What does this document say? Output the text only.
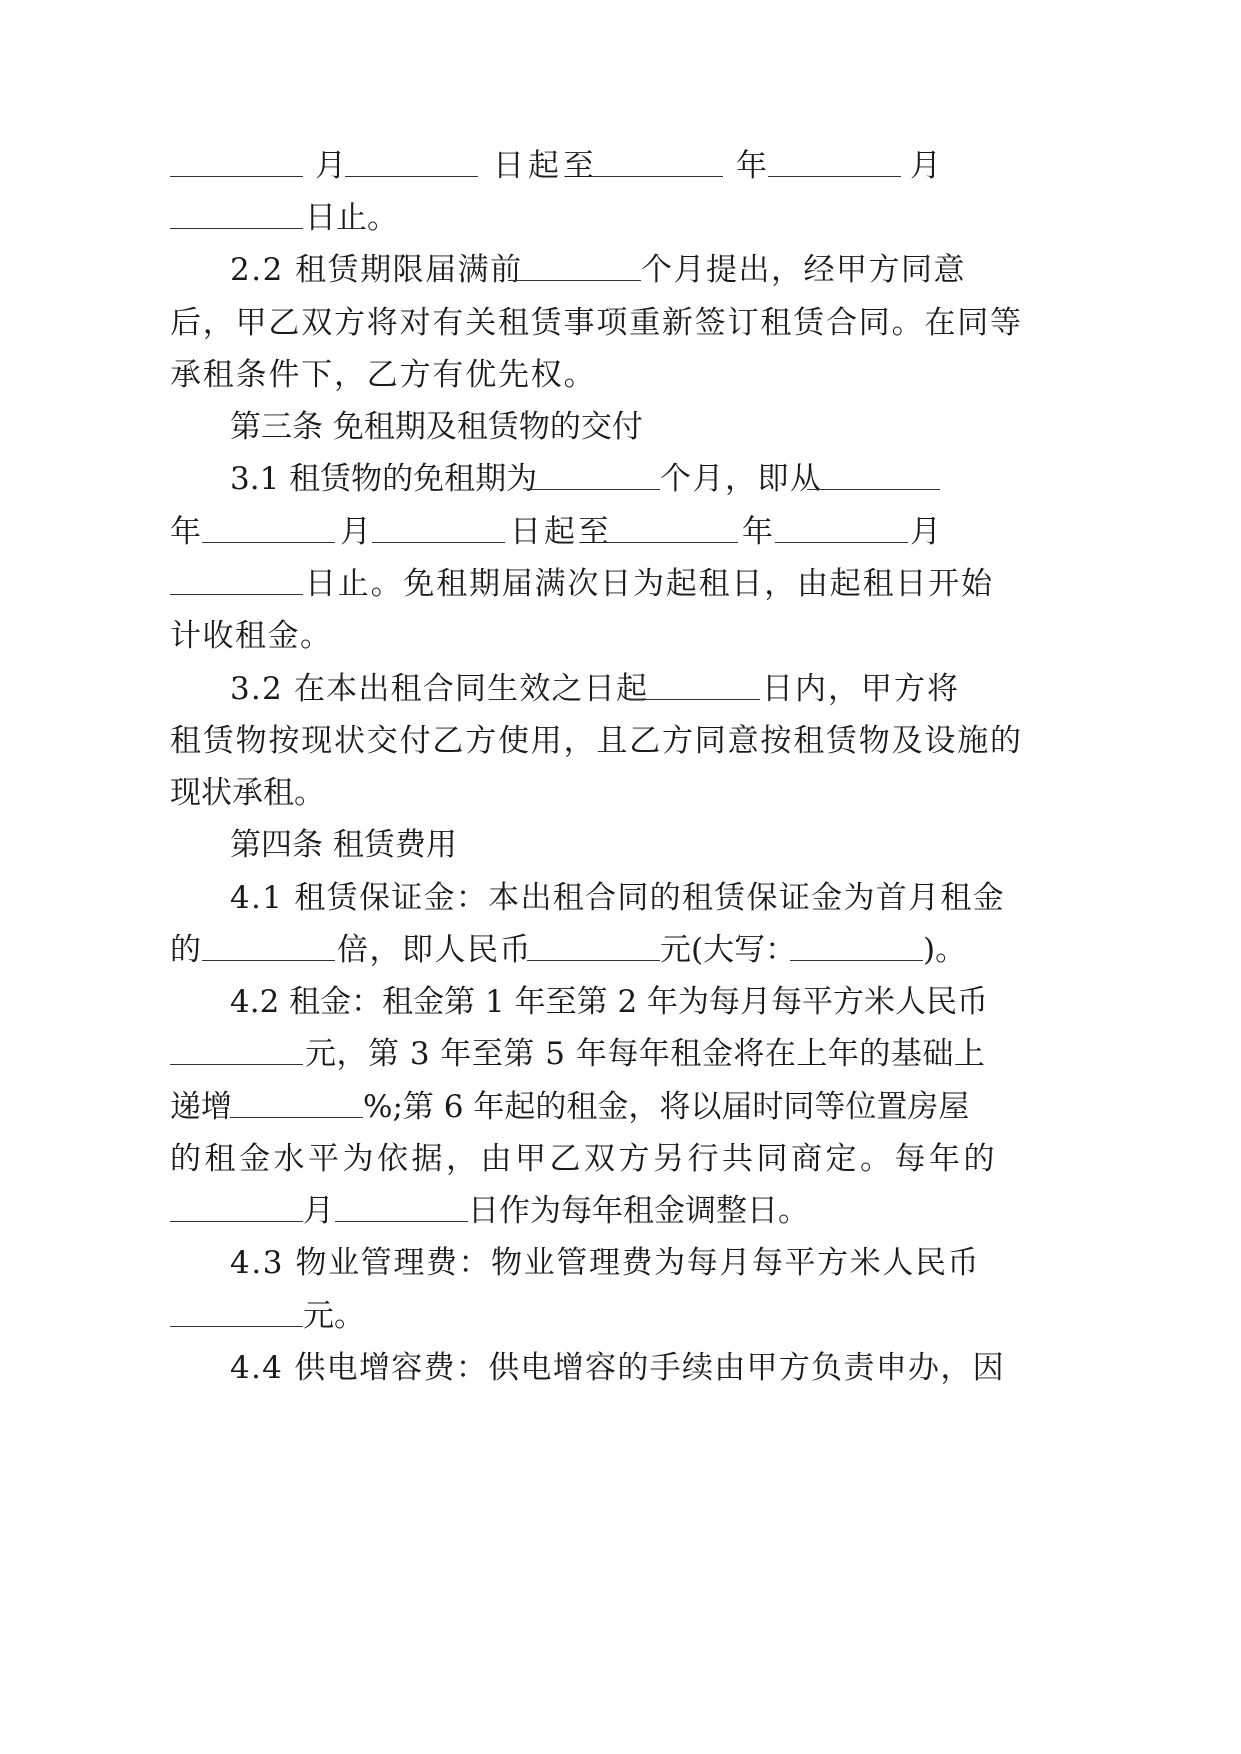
月	日起至	年	月
日止。
2.2 租赁期限届满前	个月提出，经甲方同意
后，甲乙双方将对有关租赁事项重新签订租赁合同。在同等
承租条件下，乙方有优先权。
第三条 免租期及租赁物的交付
3.1 租赁物的免租期为	个月，即从
年	月	日起至	年	月
日止。免租期届满次日为起租日，由起租日开始
计收租金。
3.2 在本出租合同生效之日起	日内，甲方将
租赁物按现状交付乙方使用，且乙方同意按租赁物及设施的
现状承租。
第四条 租赁费用
4.1 租赁保证金：本出租合同的租赁保证金为首月租金
的	倍，即人民币	元(大写：	)。
4.2 租金：租金第 1 年至第 2 年为每月每平方米人民币
元，第 3 年至第 5 年每年租金将在上年的基础上
递增	%;第 6 年起的租金，将以届时同等位置房屋
的租金水平为依据，由甲乙双方另行共同商定。每年的
月	日作为每年租金调整日。
4.3 物业管理费：物业管理费为每月每平方米人民币
元。
4.4 供电增容费：供电增容的手续由甲方负责申办，因
